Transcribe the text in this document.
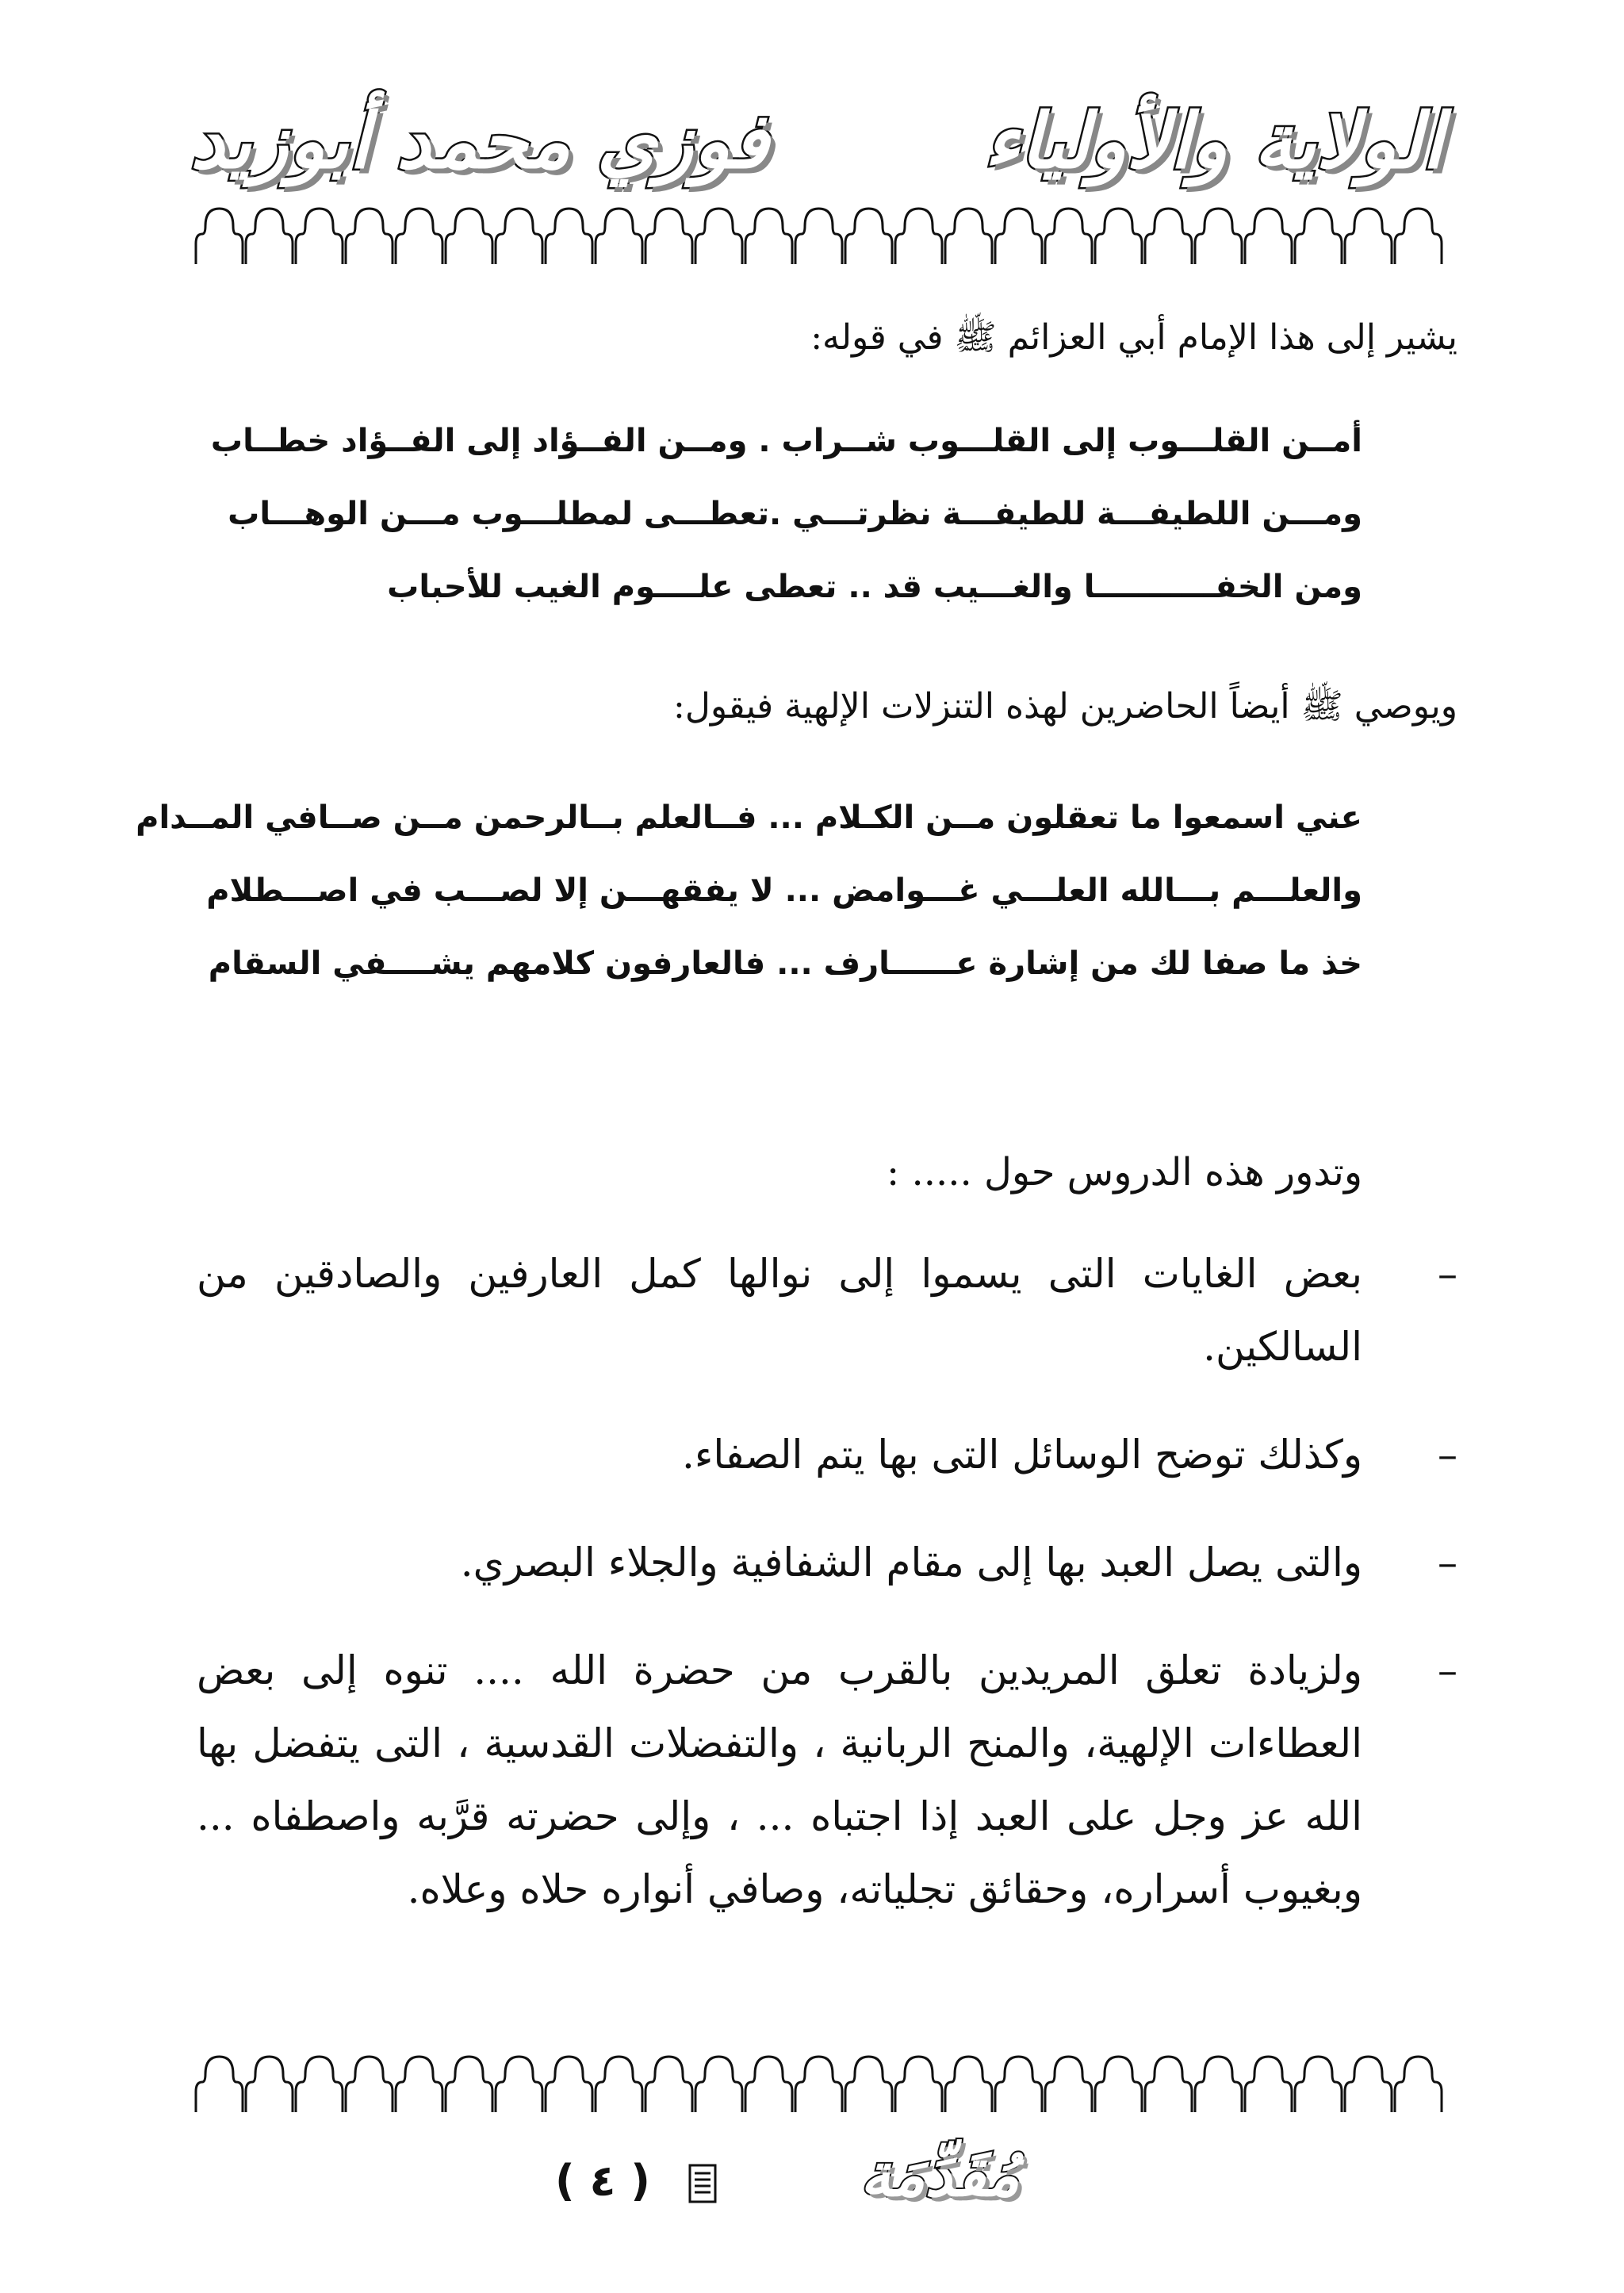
الولاية والأولياء
فوزي محمد أبوزيد
يشير إلى هذا الإمام أبي العزائم ﷺ في قوله:
أمــن القلـــوب إلى القلـــوب شــراب . ومــن الفــؤاد إلى الفــؤاد خطــاب
ومـــن اللطيفـــة للطيفـــة نظرتـــي .تعطـــى لمطلـــوب مـــن الوهـــاب
ومن الخفـــــــــــا والغـــيب قد .. تعطى علــــوم الغيب للأحباب
ويوصي ﷺ أيضاً الحاضرين لهذه التنزلات الإلهية فيقول:
عني اسمعوا ما تعقلون مــن الكـلام ... فــالعلم بــالرحمن مــن صــافي المــدام
والعلـــم بـــالله العلـــي غـــوامض ... لا يفقهـــن إلا لصـــب في اصـــطلام
خذ ما صفا لك من إشارة عــــــارف ... فالعارفون كلامهم يشــــفي السقام
وتدور هذه الدروس حول ..... :
–
بعض الغايات التى يسموا إلى نوالها كمل العارفين والصادقين من السالكين.
–
وكذلك توضح الوسائل التى بها يتم الصفاء.
–
والتى يصل العبد بها إلى مقام الشفافية والجلاء البصري.
–
ولزيادة تعلق المريدين بالقرب من حضرة الله .... تنوه إلى بعض العطاءات الإلهية، والمنح الربانية ، والتفضلات القدسية ، التى يتفضل بها الله عز وجل على العبد إذا اجتباه ... ، وإلى حضرته قرَّبه واصطفاه ... وبغيوب أسراره، وحقائق تجلياته، وصافي أنواره حلاه وعلاه.
( ٤ )	مُقَدِّمَة
